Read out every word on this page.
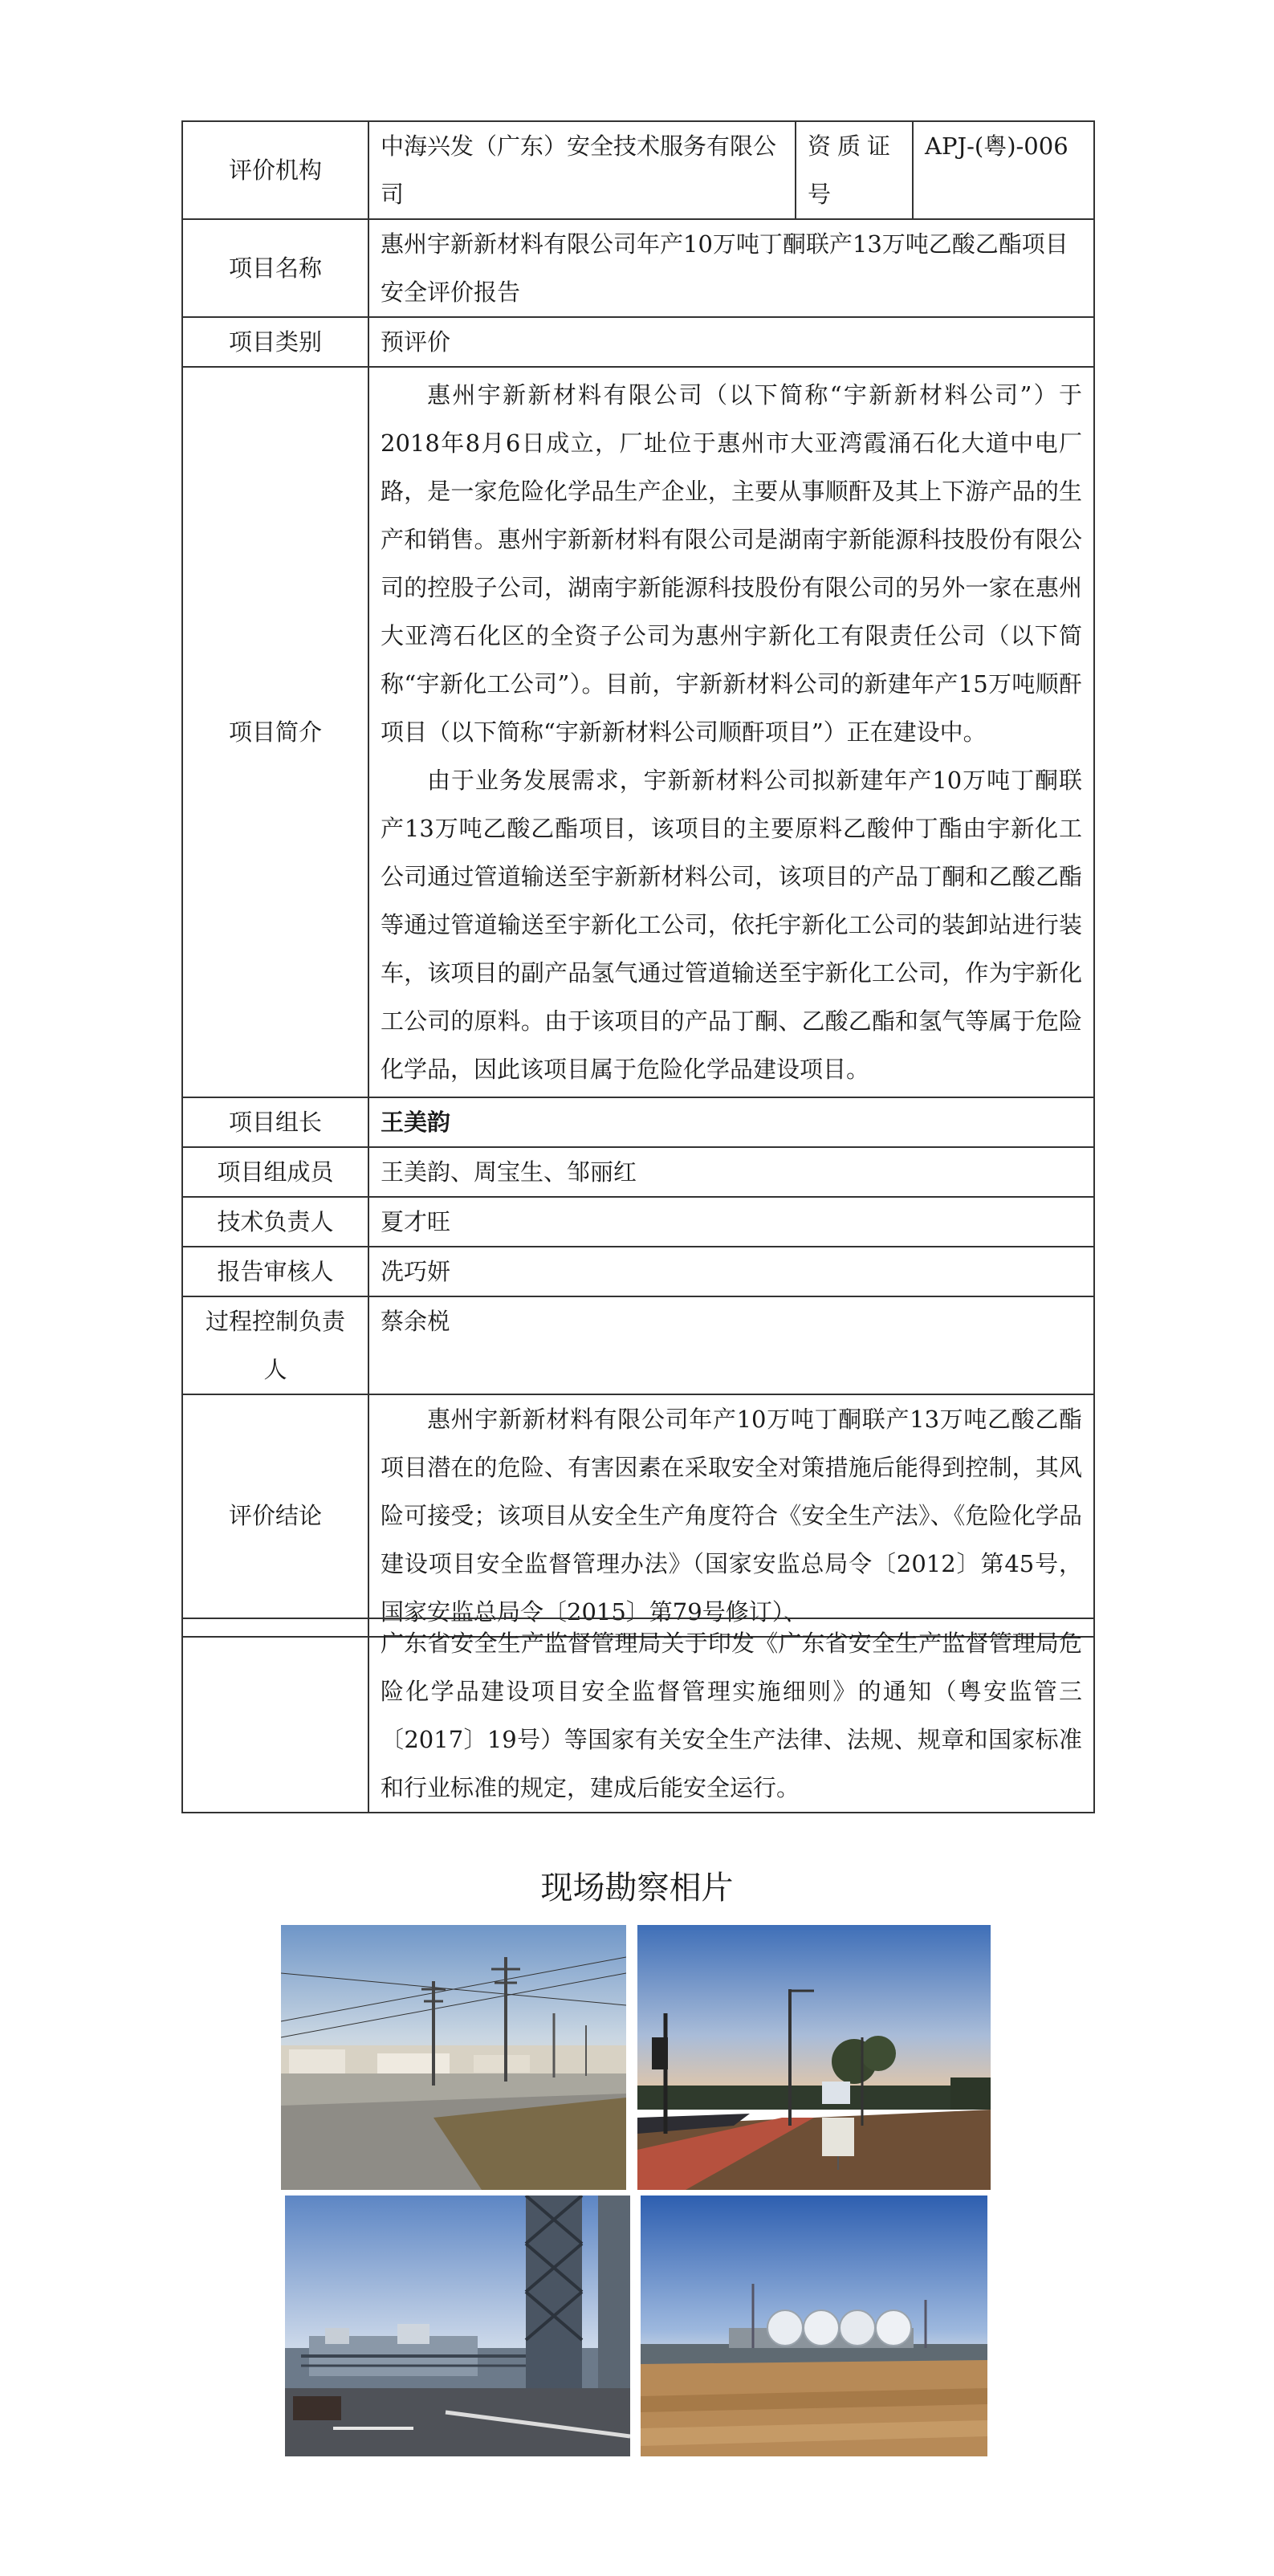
评价机构	中海兴发（广东）安全技术服务有限公司	资质证号	APJ-(粤)-006
项目名称	惠州宇新新材料有限公司年产10万吨丁酮联产13万吨乙酸乙酯项目安全评价报告		
项目类别	预评价		
项目简介	惠州宇新新材料有限公司（以下简称“宇新新材料公司”）于2018年8月6日成立，厂址位于惠州市大亚湾霞涌石化大道中电厂路，是一家危险化学品生产企业，主要从事顺酐及其上下游产品的生产和销售。惠州宇新新材料有限公司是湖南宇新能源科技股份有限公司的控股子公司，湖南宇新能源科技股份有限公司的另外一家在惠州大亚湾石化区的全资子公司为惠州宇新化工有限责任公司（以下简称“宇新化工公司”）。目前，宇新新材料公司的新建年产15万吨顺酐项目（以下简称“宇新新材料公司顺酐项目”）正在建设中。

由于业务发展需求，宇新新材料公司拟新建年产10万吨丁酮联产13万吨乙酸乙酯项目，该项目的主要原料乙酸仲丁酯由宇新化工公司通过管道输送至宇新新材料公司，该项目的产品丁酮和乙酸乙酯等通过管道输送至宇新化工公司，依托宇新化工公司的装卸站进行装车，该项目的副产品氢气通过管道输送至宇新化工公司，作为宇新化工公司的原料。由于该项目的产品丁酮、乙酸乙酯和氢气等属于危险化学品，因此该项目属于危险化学品建设项目。		

项目组长	王美韵		
项目组成员	王美韵、周宝生、邹丽红		
技术负责人	夏才旺		
报告审核人	冼巧妍		
过程控制负责人	蔡余棁		
评价结论	惠州宇新新材料有限公司年产10万吨丁酮联产13万吨乙酸乙酯项目潜在的危险、有害因素在采取安全对策措施后能得到控制，其风险可接受；该项目从安全生产角度符合《安全生产法》、《危险化学品建设项目安全监督管理办法》（国家安监总局令〔2012〕第45号，国家安监总局令〔2015〕第79号修订）、		

广东省安全生产监督管理局关于印发《广东省安全生产监督管理局危险化学品建设项目安全监督管理实施细则》的通知（粤安监管三〔2017〕19号）等国家有关安全生产法律、法规、规章和国家标准和行业标准的规定，建成后能安全运行。

现场勘察相片
